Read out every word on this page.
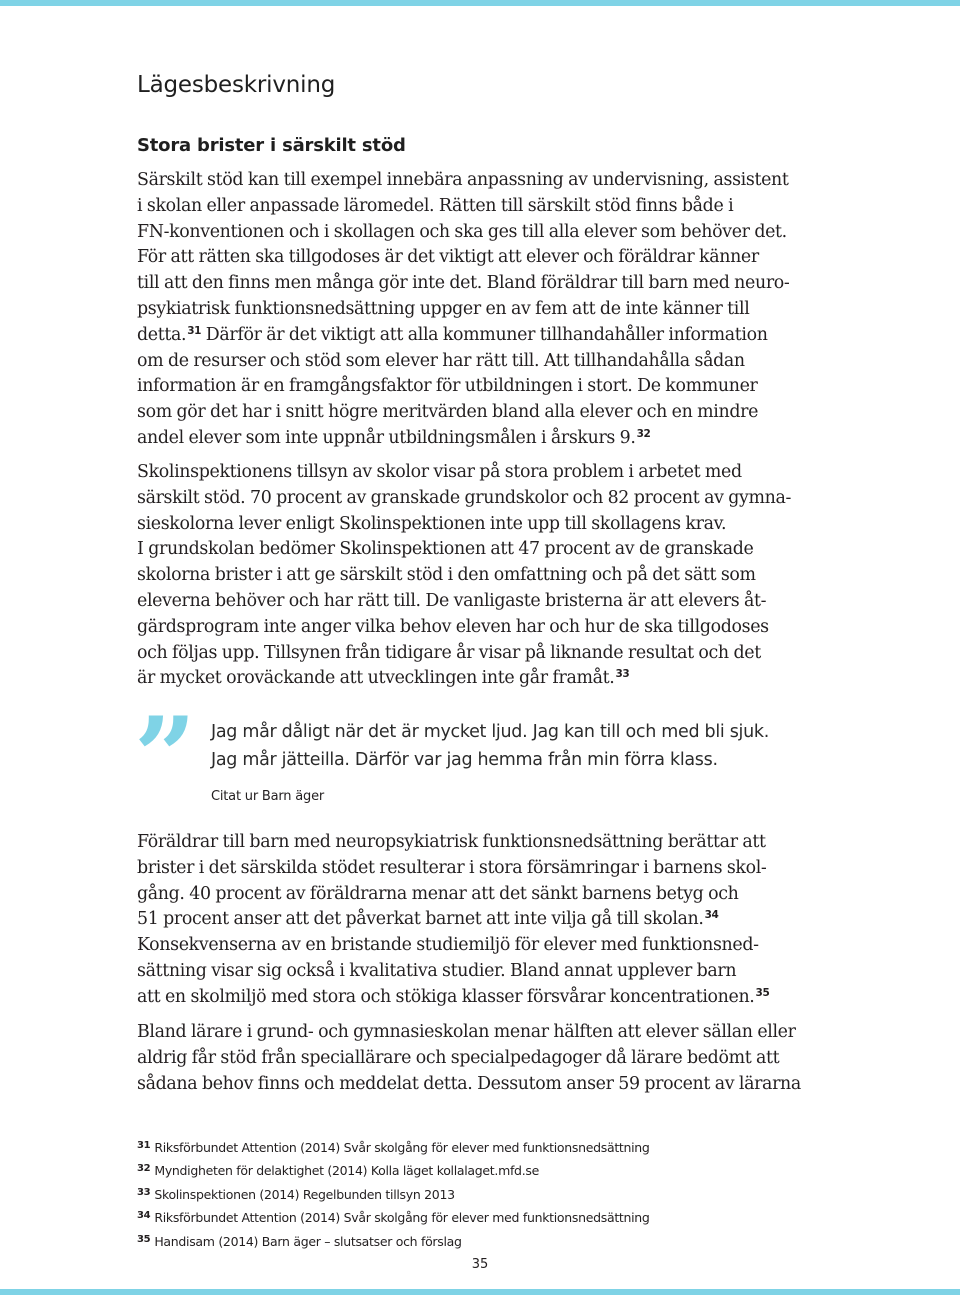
Lägesbeskrivning
Stora brister i särskilt stöd

Särskilt stöd kan till exempel innebära anpassning av undervisning, assistent
i skolan eller anpassade läromedel. Rätten till särskilt stöd finns både i
FN-konventionen och i skollagen och ska ges till alla elever som behöver det.
För att rätten ska tillgodoses är det viktigt att elever och föräldrar känner
till att den finns men många gör inte det. Bland föräldrar till barn med neuro-
psykiatrisk funktionsnedsättning uppger en av fem att de inte känner till
detta.$^{31}$ Därför är det viktigt att alla kommuner tillhandahåller information
om de resurser och stöd som elever har rätt till. Att tillhandahålla sådan
information är en framgångsfaktor för utbildningen i stort. De kommuner
som gör det har i snitt högre meritvärden bland alla elever och en mindre
andel elever som inte uppnår utbildningsmålen i årskurs 9.32

Skolinspektionens tillsyn av skolor visar på stora problem i arbetet med
särskilt stöd. 70 procent av granskade grundskolor och 82 procent av gymna-
sieskolorna lever enligt Skolinspektionen inte upp till skollagens krav.
I grundskolan bedömer Skolinspektionen att 47 procent av de granskade
skolorna brister i att ge särskilt stöd i den omfattning och på det sätt som
eleverna behöver och har rätt till. De vanligaste bristerna är att elevers åt-
gärdsprogram inte anger vilka behov eleven har och hur de ska tillgodoses
och följas upp. Tillsynen från tidigare år visar på liknande resultat och det
är mycket oroväckande att utvecklingen inte går framåt.$^{33}$

” Jag mår dåligt när det är mycket ljud. Jag kan till och med bli sjuk.
Jag mår jätteilla. Därför var jag hemma från min förra klass.

Citat ur Barn äger

Föräldrar till barn med neuropsykiatrisk funktionsnedsättning berättar att
brister i det särskilda stödet resulterar i stora försämringar i barnens skol-
gång. 40 procent av föräldrarna menar att det sänkt barnens betyg och
51 procent anser att det påverkat barnet att inte vilja gå till skolan.$^{34}$
Konsekvenserna av en bristande studiemiljö för elever med funktionsned-
sättning visar sig också i kvalitativa studier. Bland annat upplever barn
att en skolmiljö med stora och stökiga klasser försvårar koncentrationen.$^{35}$

Bland lärare i grund- och gymnasieskolan menar hälften att elever sällan eller
aldrig får stöd från speciallärare och specialpedagoger då lärare bedömt att
sådana behov finns och meddelat detta. Dessutom anser 59 procent av lärarna

$^{31}$ Riksförbundet Attention (2014) Svår skolgång för elever med funktionsnedsättning
$^{32}$ Myndigheten för delaktighet (2014) Kolla läget kollalaget.mfd.se
$^{33}$ Skolinspektionen (2014) Regelbunden tillsyn 2013
$^{34}$ Riksförbundet Attention (2014) Svår skolgång för elever med funktionsnedsättning
$^{35}$ Handisam (2014) Barn äger – slutsatser och förslag
35
